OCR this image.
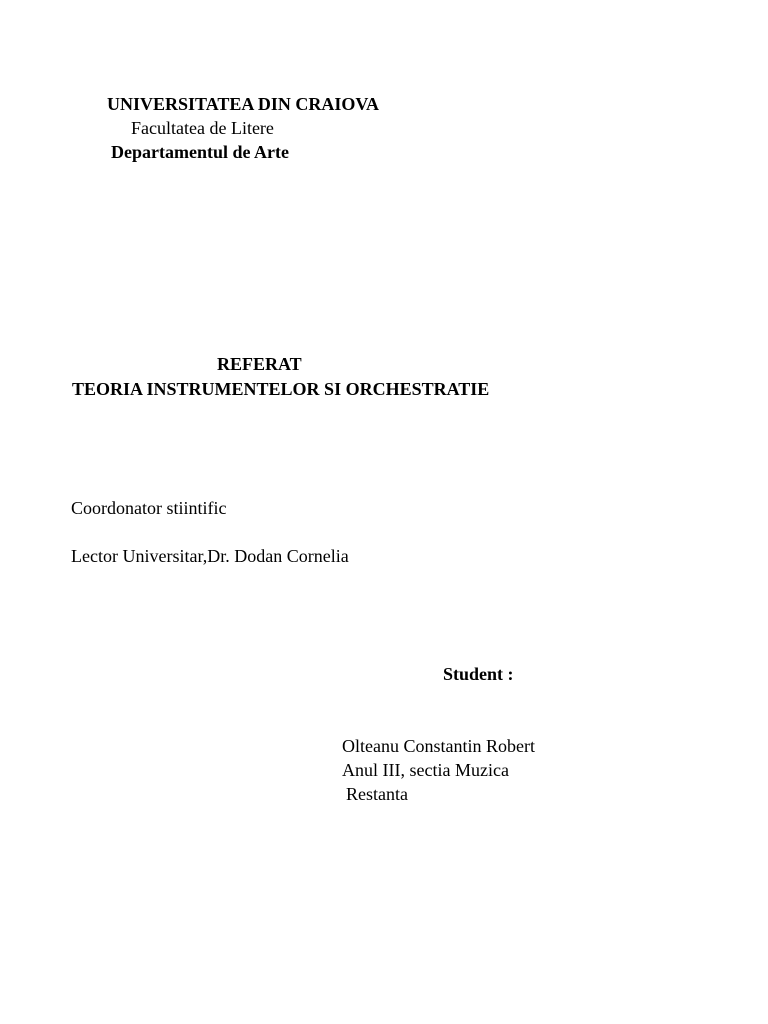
UNIVERSITATEA DIN CRAIOVA
Facultatea de Litere
Departamentul de Arte
REFERAT
TEORIA INSTRUMENTELOR SI ORCHESTRATIE
Coordonator stiintific
Lector Universitar,Dr. Dodan Cornelia
Student :
Olteanu Constantin Robert
Anul III, sectia Muzica
Restanta
